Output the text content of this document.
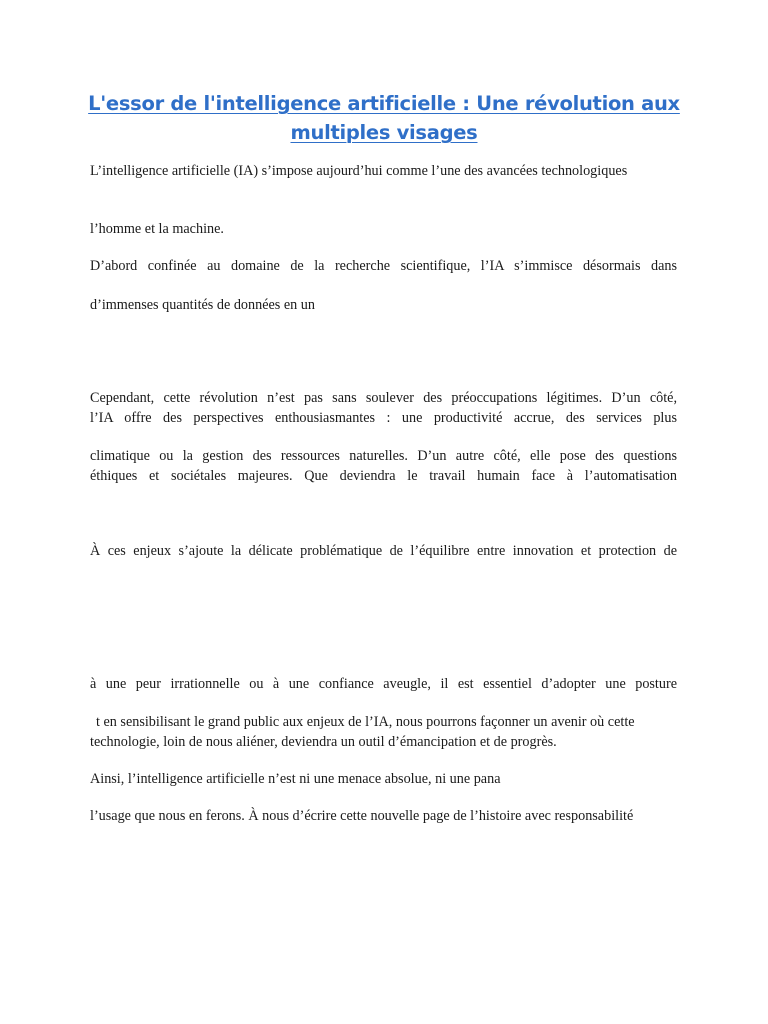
L'essor de l'intelligence artificielle : Une révolution aux
multiples visages

L’intelligence artificielle (IA) s’impose aujourd’hui comme l’une des avancées technologiques

l’homme et la machine.

D’abord confinée au domaine de la recherche scientifique, l’IA s’immisce désormais dans

d’immenses quantités de données en un

Cependant, cette révolution n’est pas sans soulever des préoccupations légitimes. D’un côté,

l’IA offre des perspectives enthousiasmantes : une productivité accrue, des services plus

climatique ou la gestion des ressources naturelles. D’un autre côté, elle pose des questions

éthiques et sociétales majeures. Que deviendra le travail humain face à l’automatisation

À ces enjeux s’ajoute la délicate problématique de l’équilibre entre innovation et protection de

à une peur irrationnelle ou à une confiance aveugle, il est essentiel d’adopter une posture

t en sensibilisant le grand public aux enjeux de l’IA, nous pourrons façonner un avenir où cette

technologie, loin de nous aliéner, deviendra un outil d’émancipation et de progrès.

Ainsi, l’intelligence artificielle n’est ni une menace absolue, ni une pana

l’usage que nous en ferons. À nous d’écrire cette nouvelle page de l’histoire avec responsabilité
